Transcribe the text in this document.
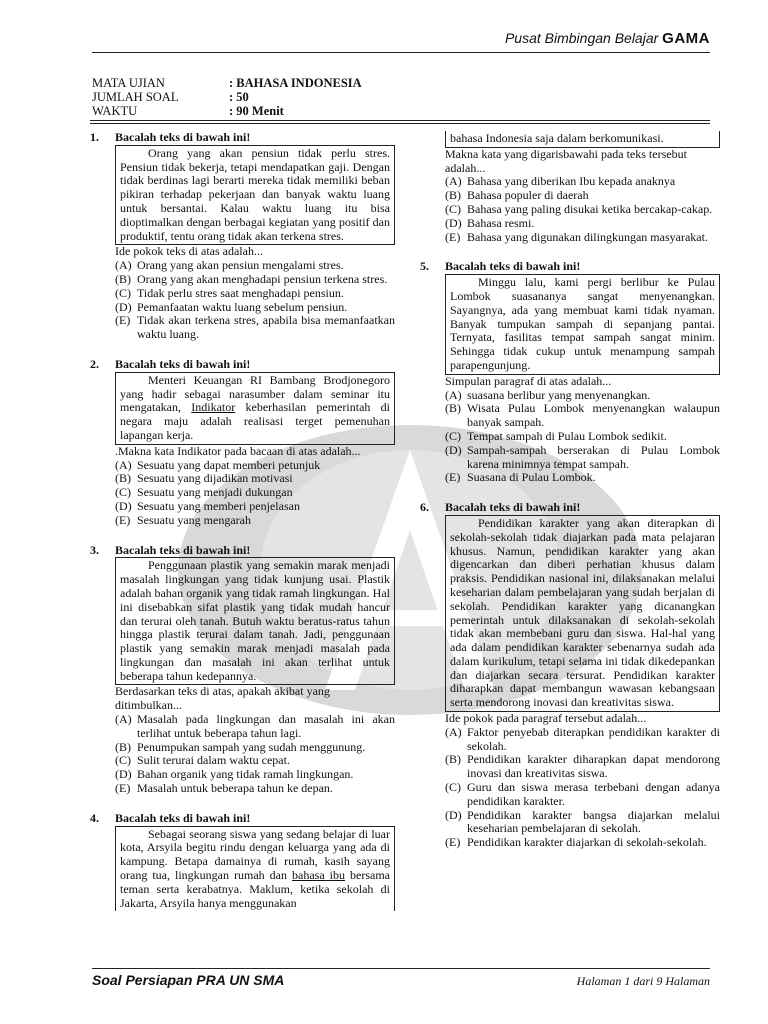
Pusat Bimbingan Belajar GAMA
MATA UJIAN	: BAHASA INDONESIA
JUMLAH SOAL	: 50
WAKTU	: 90 Menit
1.	Bacalah teks di bawah ini!
Orang yang akan pensiun tidak perlu stres. Pensiun tidak bekerja, tetapi mendapatkan gaji. Dengan tidak berdinas lagi berarti mereka tidak memiliki beban pikiran terhadap pekerjaan dan banyak waktu luang untuk bersantai. Kalau waktu luang itu bisa dioptimalkan dengan berbagai kegiatan yang positif dan produktif, tentu orang tidak akan terkena stres.
Ide pokok teks di atas adalah...
(A) Orang yang akan pensiun mengalami stres.
(B) Orang yang akan menghadapi pensiun terkena stres.
(C) Tidak perlu stres saat menghadapi pensiun.
(D) Pemanfaatan waktu luang sebelum pensiun.
(E) Tidak akan terkena stres, apabila bisa memanfaatkan waktu luang.
2.	Bacalah teks di bawah ini!
Menteri Keuangan RI Bambang Brodjonegoro yang hadir sebagai narasumber dalam seminar itu mengatakan, Indikator keberhasilan pemerintah di negara maju adalah realisasi terget pemenuhan lapangan kerja.
.Makna kata Indikator pada bacaan di atas adalah...
(A) Sesuatu yang dapat memberi petunjuk
(B) Sesuatu yang dijadikan motivasi
(C) Sesuatu yang menjadi dukungan
(D) Sesuatu yang memberi penjelasan
(E) Sesuatu yang mengarah
3.	Bacalah teks di bawah ini!
Penggunaan plastik yang semakin marak menjadi masalah lingkungan yang tidak kunjung usai. Plastik adalah bahan organik yang tidak ramah lingkungan. Hal ini disebabkan sifat plastik yang tidak mudah hancur dan terurai oleh tanah. Butuh waktu beratus-ratus tahun hingga plastik terurai dalam tanah. Jadi, penggunaan plastik yang semakin marak menjadi masalah pada lingkungan dan masalah ini akan terlihat untuk beberapa tahun kedepannya.
Berdasarkan teks di atas, apakah akibat yang ditimbulkan...
(A) Masalah pada lingkungan dan masalah ini akan terlihat untuk beberapa tahun lagi.
(B) Penumpukan sampah yang sudah menggunung.
(C) Sulit terurai dalam waktu cepat.
(D) Bahan organik yang tidak ramah lingkungan.
(E) Masalah untuk beberapa tahun ke depan.
4.	Bacalah teks di bawah ini!
Sebagai seorang siswa yang sedang belajar di luar kota, Arsyila begitu rindu dengan keluarga yang ada di kampung. Betapa damainya di rumah, kasih sayang orang tua, lingkungan rumah dan bahasa ibu bersama teman serta kerabatnya. Maklum, ketika sekolah di Jakarta, Arsyila hanya menggunakan
bahasa Indonesia saja dalam berkomunikasi.
Makna kata yang digarisbawahi pada teks tersebut adalah...
(A) Bahasa yang diberikan Ibu kepada anaknya
(B) Bahasa populer di daerah
(C) Bahasa yang paling disukai ketika bercakap-cakap.
(D) Bahasa resmi.
(E) Bahasa yang digunakan dilingkungan masyarakat.
5.	Bacalah teks di bawah ini!
Minggu lalu, kami pergi berlibur ke Pulau Lombok suasananya sangat menyenangkan. Sayangnya, ada yang membuat kami tidak nyaman. Banyak tumpukan sampah di sepanjang pantai. Ternyata, fasilitas tempat sampah sangat minim. Sehingga tidak cukup untuk menampung sampah parapengunjung.
Simpulan paragraf di atas adalah...
(A) suasana berlibur yang menyenangkan.
(B) Wisata Pulau Lombok menyenangkan walaupun banyak sampah.
(C) Tempat sampah di Pulau Lombok sedikit.
(D) Sampah-sampah berserakan di Pulau Lombok karena minimnya tempat sampah.
(E) Suasana di Pulau Lombok.
6.	Bacalah teks di bawah ini!
Pendidikan karakter yang akan diterapkan di sekolah-sekolah tidak diajarkan pada mata pelajaran khusus. Namun, pendidikan karakter yang akan digencarkan dan diberi perhatian khusus dalam praksis. Pendidikan nasional ini, dilaksanakan melalui keseharian dalam pembelajaran yang sudah berjalan di sekolah. Pendidikan karakter yang dicanangkan pemerintah untuk dilaksanakan di sekolah-sekolah tidak akan membebani guru dan siswa. Hal-hal yang ada dalam pendidikan karakter sebenarnya sudah ada dalam kurikulum, tetapi selama ini tidak dikedepankan dan diajarkan secara tersurat. Pendidikan karakter diharapkan dapat membangun wawasan kebangsaan serta mendorong inovasi dan kreativitas siswa.
Ide pokok pada paragraf tersebut adalah...
(A) Faktor penyebab diterapkan pendidikan karakter di sekolah.
(B) Pendidikan karakter diharapkan dapat mendorong inovasi dan kreativitas siswa.
(C) Guru dan siswa merasa terbebani dengan adanya pendidikan karakter.
(D) Pendidikan karakter bangsa diajarkan melalui keseharian pembelajaran di sekolah.
(E) Pendidikan karakter diajarkan di sekolah-sekolah.
Soal Persiapan PRA UN SMA	Halaman 1 dari 9 Halaman
